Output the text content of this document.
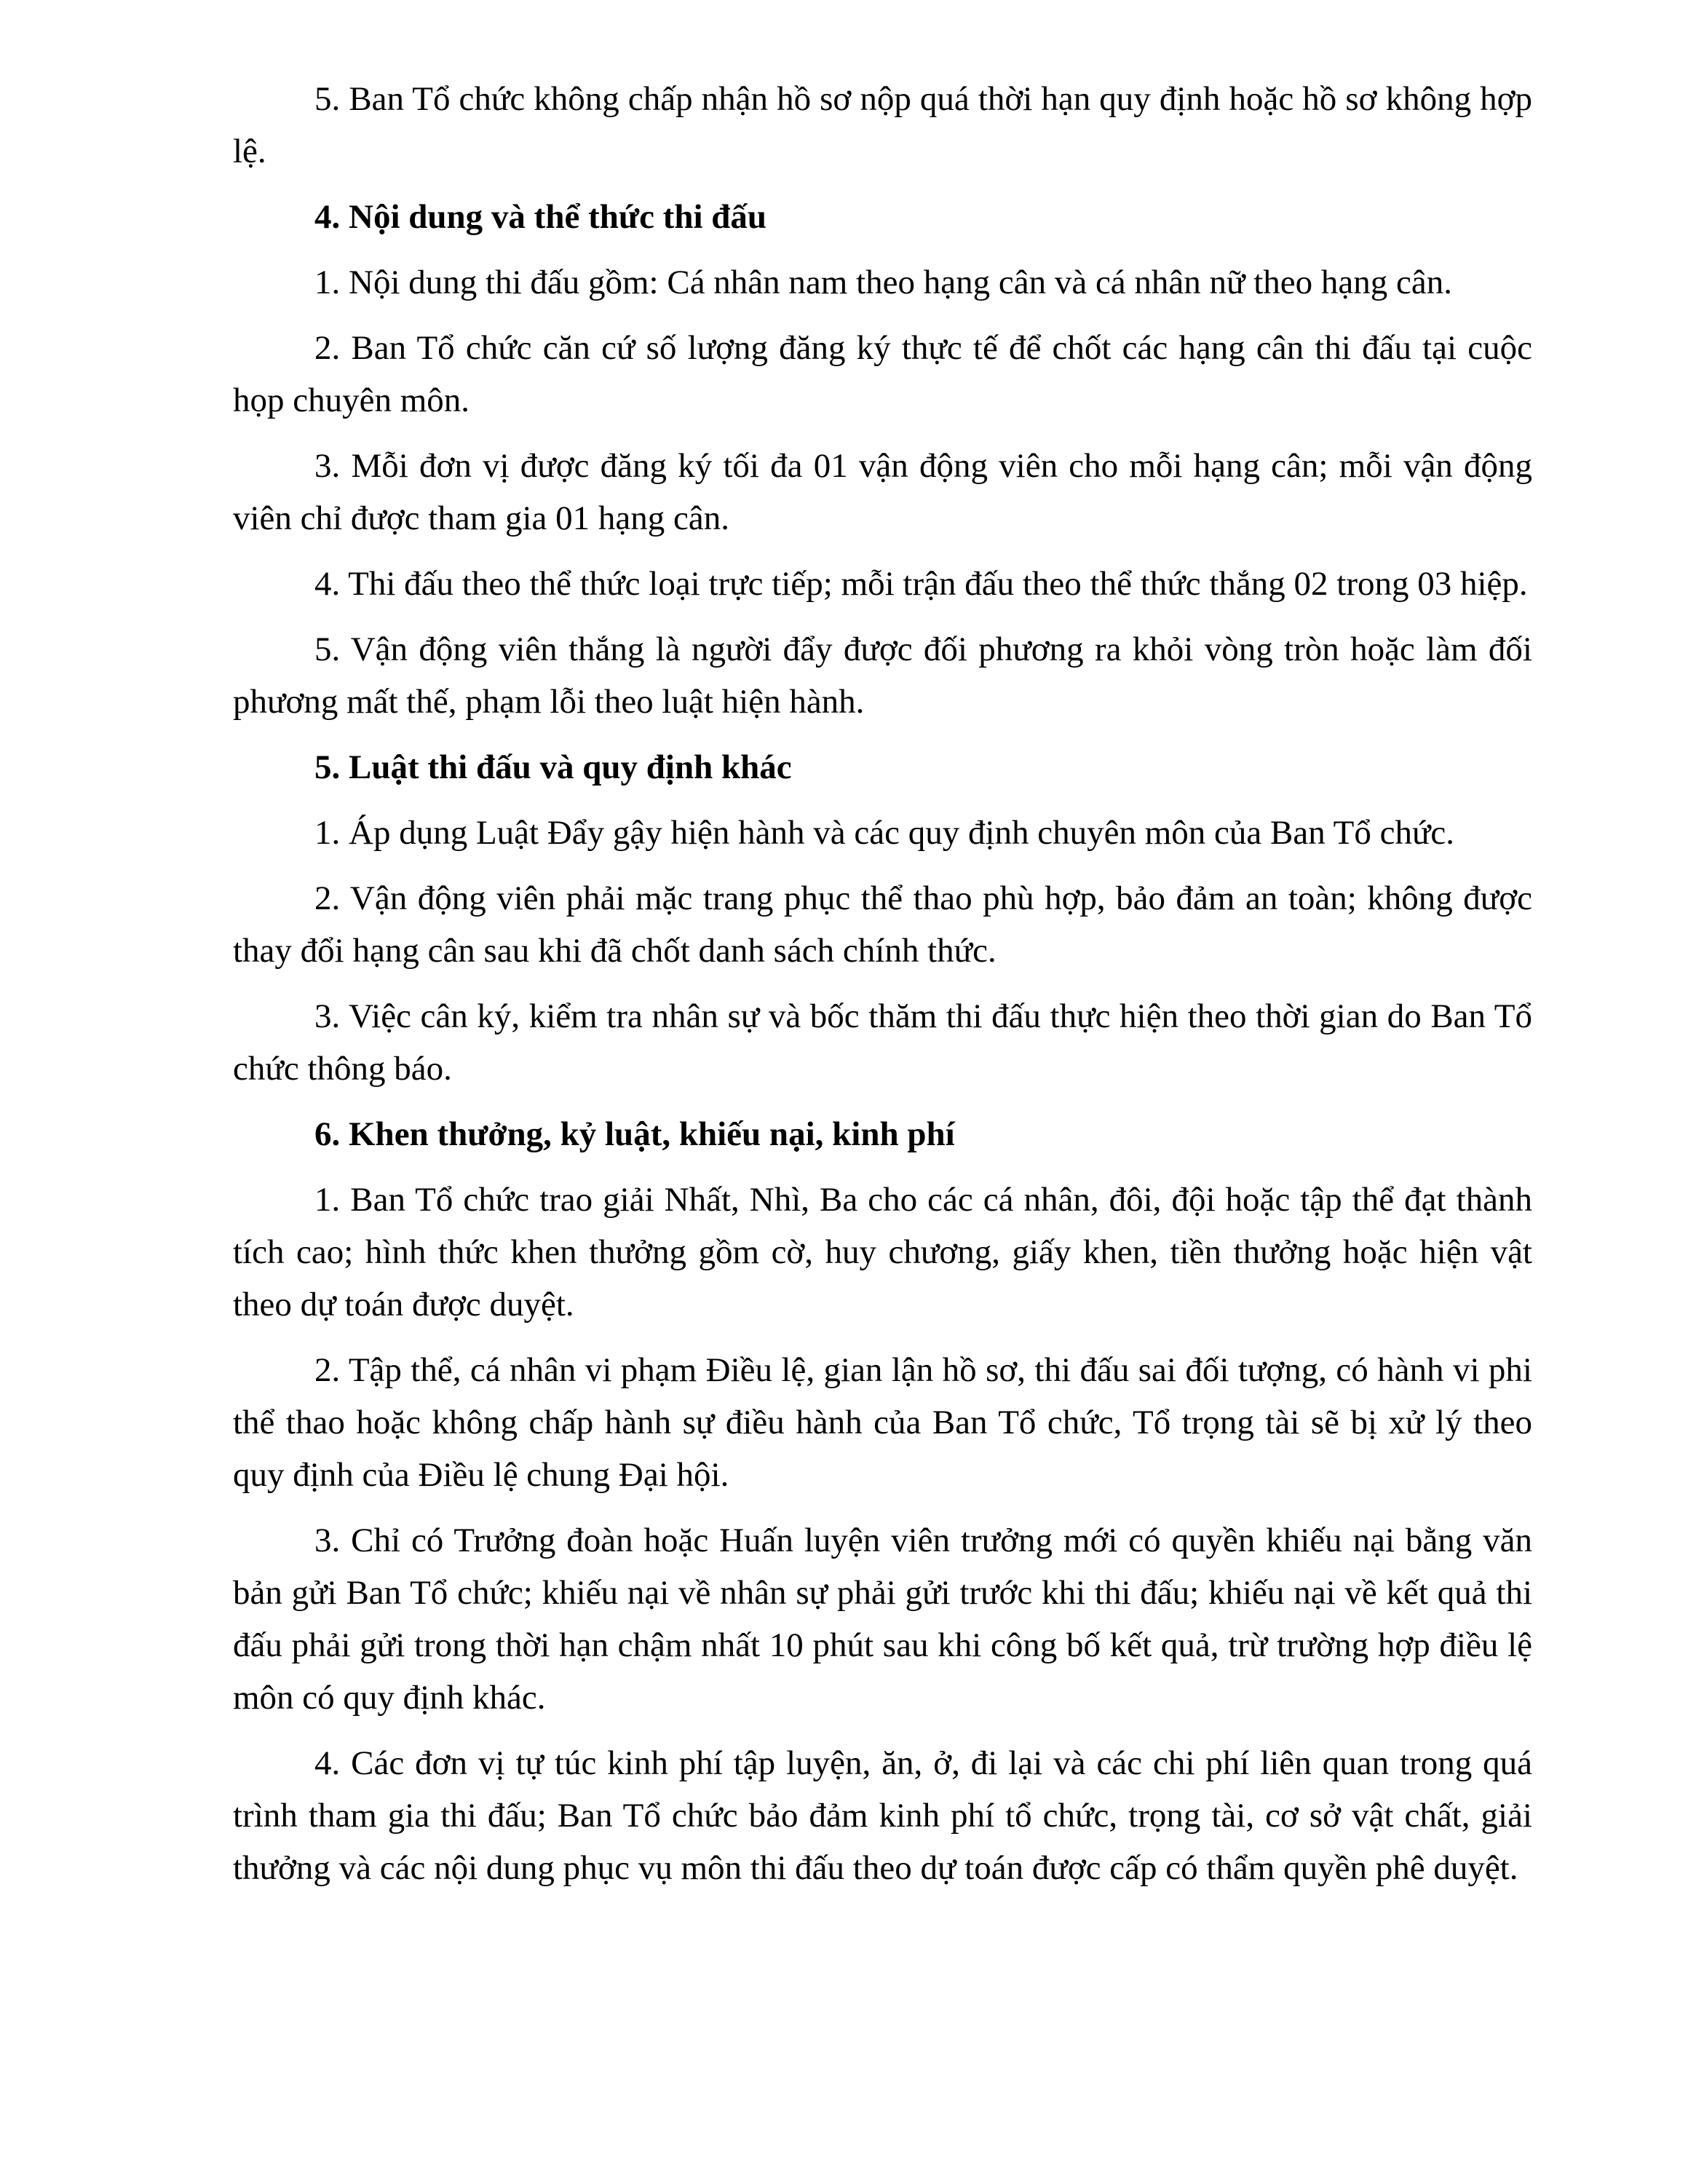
5. Ban Tổ chức không chấp nhận hồ sơ nộp quá thời hạn quy định hoặc hồ sơ không hợp lệ.

4. Nội dung và thể thức thi đấu

1. Nội dung thi đấu gồm: Cá nhân nam theo hạng cân và cá nhân nữ theo hạng cân.

2. Ban Tổ chức căn cứ số lượng đăng ký thực tế để chốt các hạng cân thi đấu tại cuộc họp chuyên môn.

3. Mỗi đơn vị được đăng ký tối đa 01 vận động viên cho mỗi hạng cân; mỗi vận động viên chỉ được tham gia 01 hạng cân.

4. Thi đấu theo thể thức loại trực tiếp; mỗi trận đấu theo thể thức thắng 02 trong 03 hiệp.

5. Vận động viên thắng là người đẩy được đối phương ra khỏi vòng tròn hoặc làm đối phương mất thế, phạm lỗi theo luật hiện hành.

5. Luật thi đấu và quy định khác

1. Áp dụng Luật Đẩy gậy hiện hành và các quy định chuyên môn của Ban Tổ chức.

2. Vận động viên phải mặc trang phục thể thao phù hợp, bảo đảm an toàn; không được thay đổi hạng cân sau khi đã chốt danh sách chính thức.

3. Việc cân ký, kiểm tra nhân sự và bốc thăm thi đấu thực hiện theo thời gian do Ban Tổ chức thông báo.

6. Khen thưởng, kỷ luật, khiếu nại, kinh phí

1. Ban Tổ chức trao giải Nhất, Nhì, Ba cho các cá nhân, đôi, đội hoặc tập thể đạt thành tích cao; hình thức khen thưởng gồm cờ, huy chương, giấy khen, tiền thưởng hoặc hiện vật theo dự toán được duyệt.

2. Tập thể, cá nhân vi phạm Điều lệ, gian lận hồ sơ, thi đấu sai đối tượng, có hành vi phi thể thao hoặc không chấp hành sự điều hành của Ban Tổ chức, Tổ trọng tài sẽ bị xử lý theo quy định của Điều lệ chung Đại hội.

3. Chỉ có Trưởng đoàn hoặc Huấn luyện viên trưởng mới có quyền khiếu nại bằng văn bản gửi Ban Tổ chức; khiếu nại về nhân sự phải gửi trước khi thi đấu; khiếu nại về kết quả thi đấu phải gửi trong thời hạn chậm nhất 10 phút sau khi công bố kết quả, trừ trường hợp điều lệ môn có quy định khác.

4. Các đơn vị tự túc kinh phí tập luyện, ăn, ở, đi lại và các chi phí liên quan trong quá trình tham gia thi đấu; Ban Tổ chức bảo đảm kinh phí tổ chức, trọng tài, cơ sở vật chất, giải thưởng và các nội dung phục vụ môn thi đấu theo dự toán được cấp có thẩm quyền phê duyệt.
